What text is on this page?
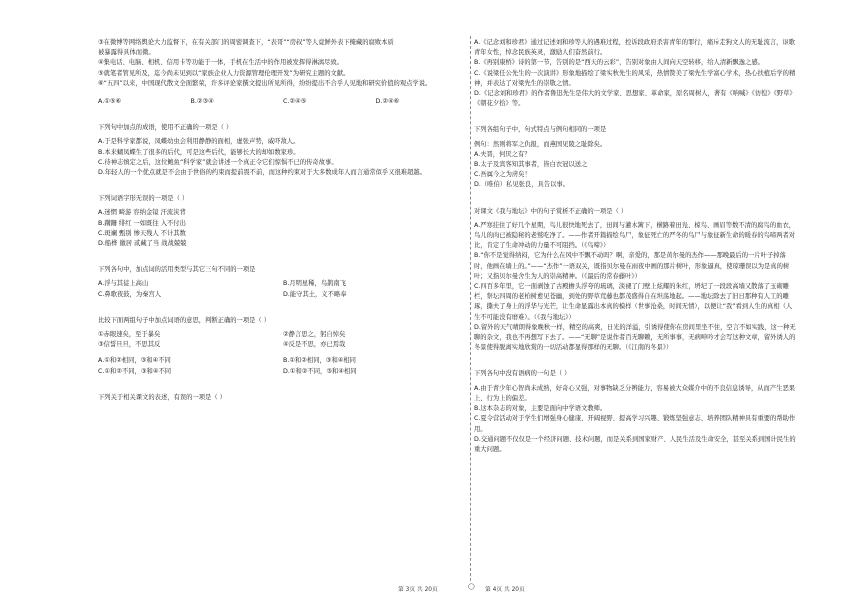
③在微博等网络舆论大力监督下，在有关部门的周密调查下，“表哥”“房叔”等人竟鲜外表下掩藏的腐败本质

被暴露得具体而微。

④集电话、电脑、相机、信用卡等功能于一体，手机在生活中的作用被发挥得淋漓尽致。

⑤就笔者管见所及，迄今尚未见到以“家族企业人力资源管理伦理开发”为研究主题的文献。

⑥“五四”以来，中国现代散文全面繁荣，许多评论家撰文提出所见所得，纷纷提出不合乎人见地和研究价值的观点学说。

A.①⑤⑥	B.②③④	C.②④⑤	D.②④⑥

下列句中加点的成语，使用不正确的一项是（ ）

A.于是科学家都说，凤蝶幼虫会利用静静的面相，虚张声势，威吓敌人。

B.本来蝴凤蝶生了很多的后代，可是这些后代，能够长大的却如数家珍。

C.待神志慎定之后，这位鲍鱼“科学家”就会讲述一个真正令它们惊惧不已的传奇故事。

D.年轻人的一个优点就是不会由于世俗的约束而提前畏不前，而这种约束对于大多数成年人而言通常似乎又很难超越。

下列词语字形无误的一项是（ ）

A.迷惘 畸游 容纳金镜 汗流浃背

B.蹒跚 绯红 一如既往 入不付出

C.斑斓 甄别 惨天残人 不计其数

D.船桦 徽居 贰藏了当 战战兢兢

下列各句中，加点词的活用类型与其它三句不同的一项是

A.浮与其徒上高山	B.月明星稀，鸟鹊南飞
C.鼻歌夜鼓，为秦宫人	D.能守其土，义不略奉

比较下面两组句子中加点词语的意思，判断正确的一项是（ ）

①赤眼速矣，至于暴矣	②静言思之，躬自悼矣
③信誓旦旦，不思其反	④反是不思，亦已焉哉
A.①和②相同，③和④不同	B.①和②相同，③和④相同
C.①和②不同，③和④不同	D.①和②不同，③和④相同

下列关于相关课文的表述，有误的一项是（ ）

A.《记念刘和珍君》通过记述刘和珍等人的遇难过程，控诉段政府杀害青年的罪行，痛斥走狗文人的无耻流言，讴歌青年女性，悼念民族英灵，激励人们奋然前行。

B.《再别康桥》诗的第一节，告别的是“西天的云彩”，告别对象由人间向天空转移，给人清新飘逸之感。

C.《说梁任公先生的一次演讲》形象地描绘了梁实秋先生的风采，热情赞美了梁先生学富心学术，热心扶植后学的精神，并表达了对梁先生的崇敬之情。

D.《记念刘和珍君》的作者鲁迅先生是伟大的文学家、思想家、革命家，原名周树人，著有《呐喊》《彷徨》《野草》《朝花夕拾》等。

下列各组句子中，句式特点与例句相同的一项是

例句：然则将军之仇报，而燕国见陵之耻除矣。

A.夫晋，何厌之有？

B.太子及宾客知其事者，皆白衣冠以送之

C.吾属今之为虏矣！

D.（唯伯）私见张良，具告以事。

对课文《我与地坛》中的句子赏析不正确的一项是（ ）

A.严寒挂住了好几个星期，鸟儿很快地死去了，田间与灌木篱下，横路着田凫、椋鸟、画眉等数不清的腐鸟的血衣，鸟儿的肉已被隐秘的老鹫吃净了。——作者开篇描绘鸟尸，象征死亡的严冬的鸟尸与象征新生命的暖春的鸟啼两者对比，肯定了生命冲动的力量不可阻挡。（《鸟啼》）

B.“你不是觉得纳闷，它为什么在风中不飘不动吗？啊，亲爱的，那是黄尔曼的杰作——那晚最后的一片叶子掉落时，他画在墙上的。”——“杰作”一语双关，既指贝尔曼在雨夜中画的那片树叶，形象逼真，使琼珊误以为是真的树叶；又指贝尔曼舍生为人的崇高精神。（《最后的常春藤叶》）

C.四百多年里，它一面剥蚀了古殿檐头浮夸的琉璃，淡褪了门壁上炫耀的朱红，坍圮了一段段高墙又散落了玉砌雕栏，祭坛四周的老柏树愈见苍幽，到处的野草荒藤也都茂盛得自在坦荡地起。——地坛除去了旧日那种有人工的雕琢，撕夫了身上的浮华与光芒，让生命显露出本真的模样（世事沧桑，时间无情），以便让“我”看到人生的真相（人生不可能没有磨难）。（《我与地坛》）

D.留外的天气晴朗得象晚秋一样，精空的高爽，日光的洋溢，引诱得使你在房间里坐不住，空言不如实践，这一种无聊的杂文，我也不再想写下去了。——“无聊”是说作者百无聊赖，无所事事，无病呻吟才会写这种文章，留外诱人的冬景使得脱离实地欣赏的一切活动都显得那样的无聊。（《江南的冬景》）

下列各句中没有语病的一句是（ ）

A.由于青少年心智尚未成熟，好奇心又强，对事物缺乏分辨能力，容易被大众媒介中的不良信息诱导，从而产生恶果上、行为上的偏差。

B.这本杂志的对象，主要是面向中学语文教师。

C.夏令营活动对于学生们增强身心健康、开阔视野、提高学习兴趣、锻炼坚强意志、培养团队精神具有重要的帮助作用。

D.交通问题不仅仅是一个经济问题、技术问题，而是关系到国家财产、人民生活及生命安全，甚至关系到国计民生的重大问题。

第 3页 共 20页	◯ 第 4页 共 20页
